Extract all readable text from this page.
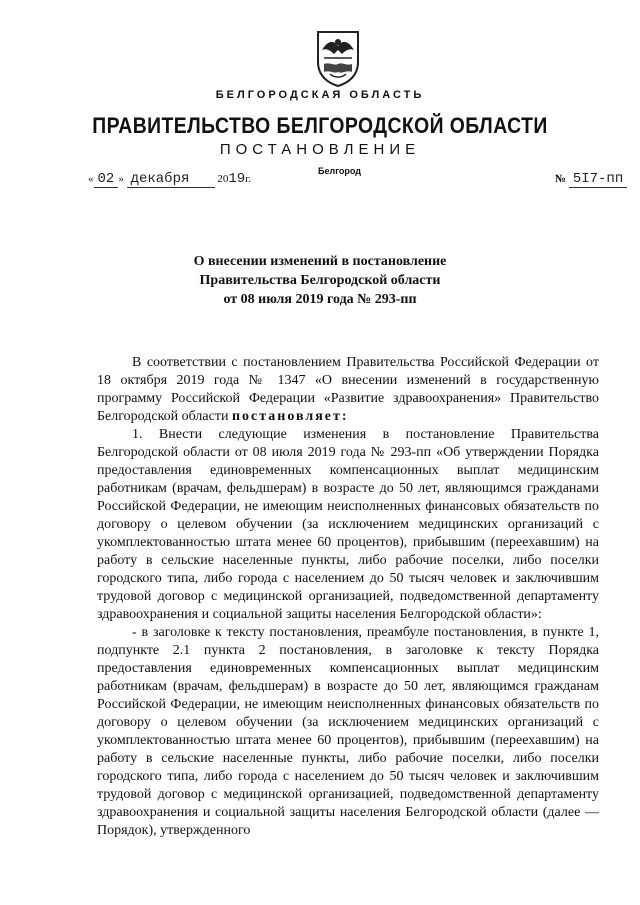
БЕЛГОРОДСКАЯ ОБЛАСТЬ
ПРАВИТЕЛЬСТВО БЕЛГОРОДСКОЙ ОБЛАСТИ
ПОСТАНОВЛЕНИЕ
Белгород
« 02 » декабря	2019г.	№ 5I7-пп
О внесении изменений в постановление
Правительства Белгородской области
от 08 июля 2019 года № 293-пп

В соответствии с постановлением Правительства Российской Федерации от 18 октября 2019 года № 1347 «О внесении изменений в государственную программу Российской Федерации «Развитие здравоохранения» Правительство Белгородской области постановляет:

1. Внести следующие изменения в постановление Правительства Белгородской области от 08 июля 2019 года № 293-пп «Об утверждении Порядка предоставления единовременных компенсационных выплат медицинским работникам (врачам, фельдшерам) в возрасте до 50 лет, являющимся гражданами Российской Федерации, не имеющим неисполненных финансовых обязательств по договору о целевом обучении (за исключением медицинских организаций с укомплектованностью штата менее 60 процентов), прибывшим (переехавшим) на работу в сельские населенные пункты, либо рабочие поселки, либо поселки городского типа, либо города с населением до 50 тысяч человек и заключившим трудовой договор с медицинской организацией, подведомственной департаменту здравоохранения и социальной защиты населения Белгородской области»:

- в заголовке к тексту постановления, преамбуле постановления, в пункте 1, подпункте 2.1 пункта 2 постановления, в заголовке к тексту Порядка предоставления единовременных компенсационных выплат медицинским работникам (врачам, фельдшерам) в возрасте до 50 лет, являющимся гражданам Российской Федерации, не имеющим неисполненных финансовых обязательств по договору о целевом обучении (за исключением медицинских организаций с укомплектованностью штата менее 60 процентов), прибывшим (переехавшим) на работу в сельские населенные пункты, либо рабочие поселки, либо поселки городского типа, либо города с населением до 50 тысяч человек и заключившим трудовой договор с медицинской организацией, подведомственной департаменту здравоохранения и социальной защиты населения Белгородской области (далее — Порядок), утвержденного
